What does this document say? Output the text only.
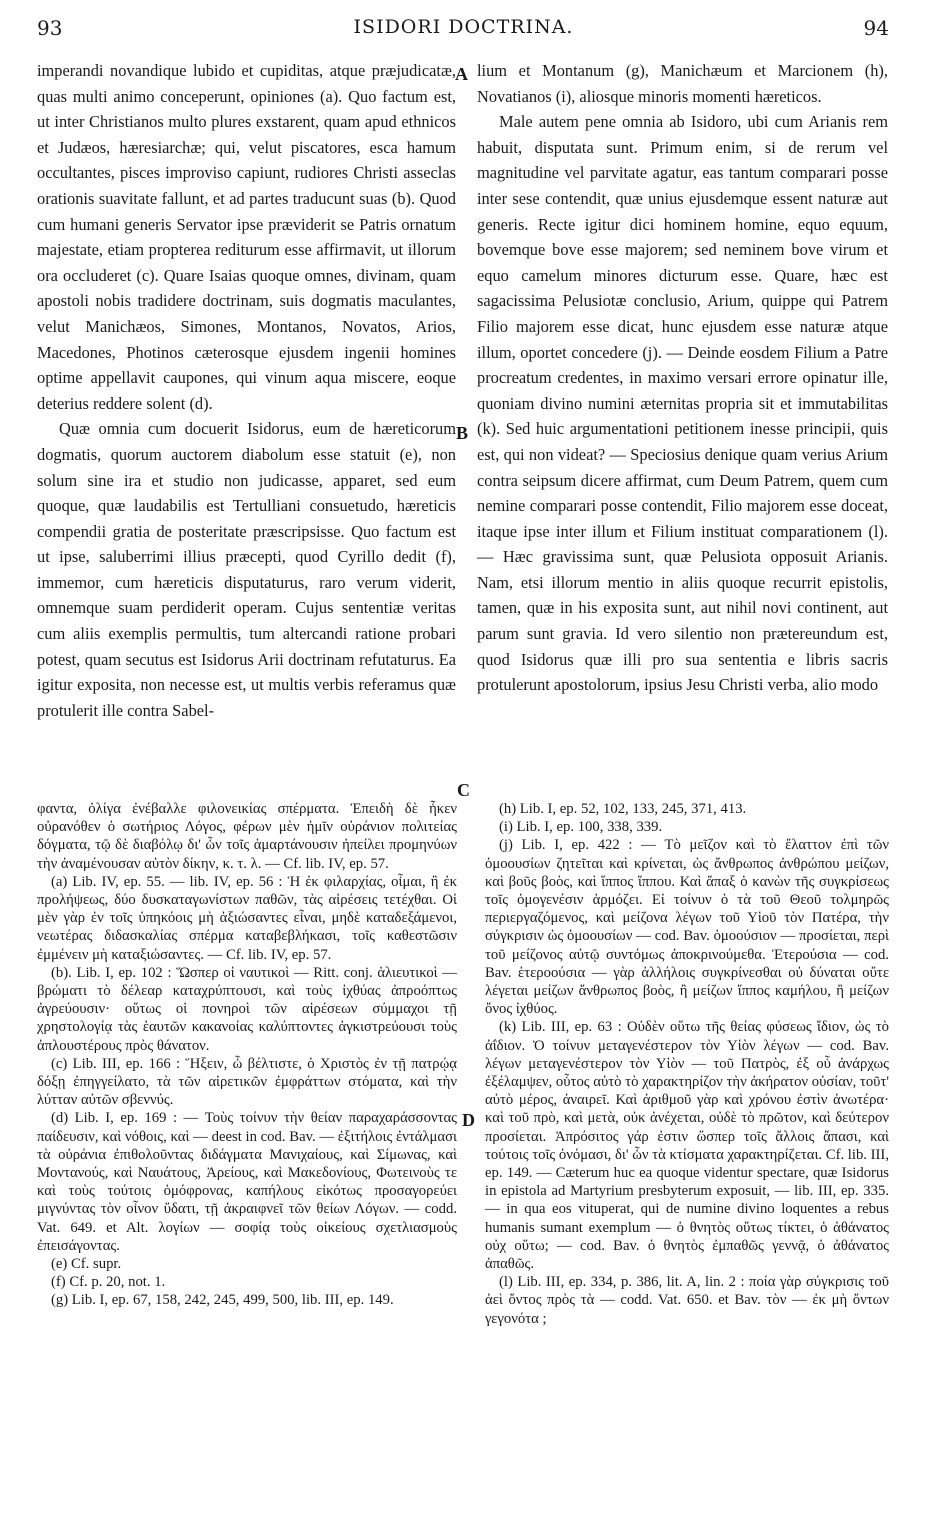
93	ISIDORI DOCTRINA.	94

imperandi novandique lubido et cupiditas, atque præjudicatæ, quas multi animo conceperunt, opiniones (a). Quo factum est, ut inter Christianos multo plures exstarent, quam apud ethnicos et Judæos, hæresiarchæ; qui, velut piscatores, esca hamum occultantes, pisces improviso capiunt, rudiores Christi asseclas orationis suavitate fallunt, et ad partes traducunt suas (b). Quod cum humani generis Servator ipse præviderit se Patris ornatum majestate, etiam propterea rediturum esse affirmavit, ut illorum ora occluderet (c). Quare Isaias quoque omnes, divinam, quam apostoli nobis tradidere doctrinam, suis dogmatis maculantes, velut Manichæos, Simones, Montanos, Novatos, Arios, Macedones, Photinos cæterosque ejusdem ingenii homines optime appellavit caupones, qui vinum aqua miscere, eoque deterius reddere solent (d).

Quæ omnia cum docuerit Isidorus, eum de hæreticorum dogmatis, quorum auctorem diabolum esse statuit (e), non solum sine ira et studio non judicasse, apparet, sed eum quoque, quæ laudabilis est Tertulliani consuetudo, hæreticis compendii gratia de posteritate præscripsisse. Quo factum est ut ipse, saluberrimi illius præcepti, quod Cyrillo dedit (f), immemor, cum hæreticis disputaturus, raro verum viderit, omnemque suam perdiderit operam. Cujus sententiæ veritas cum aliis exemplis permultis, tum altercandi ratione probari potest, quam secutus est Isidorus Arii doctrinam refutaturus. Ea igitur exposita, non necesse est, ut multis verbis referamus quæ protulerit ille contra Sabel-

lium et Montanum (g), Manichæum et Marcionem (h), Novatianos (i), aliosque minoris momenti hæreticos.

Male autem pene omnia ab Isidoro, ubi cum Arianis rem habuit, disputata sunt. Primum enim, si de rerum vel magnitudine vel parvitate agatur, eas tantum comparari posse inter sese contendit, quæ unius ejusdemque essent naturæ aut generis. Recte igitur dici hominem homine, equo equum, bovemque bove esse majorem; sed neminem bove virum et equo camelum minores dicturum esse. Quare, hæc est sagacissima Pelusiotæ conclusio, Arium, quippe qui Patrem Filio majorem esse dicat, hunc ejusdem esse naturæ atque illum, oportet concedere (j). — Deinde eosdem Filium a Patre procreatum credentes, in maximo versari errore opinatur ille, quoniam divino numini æternitas propria sit et immutabilitas (k). Sed huic argumentationi petitionem inesse principii, quis est, qui non videat? — Speciosius denique quam verius Arium contra seipsum dicere affirmat, cum Deum Patrem, quem cum nemine comparari posse contendit, Filio majorem esse doceat, itaque ipse inter illum et Filium instituat comparationem (l). — Hæc gravissima sunt, quæ Pelusiota opposuit Arianis. Nam, etsi illorum mentio in aliis quoque recurrit epistolis, tamen, quæ in his exposita sunt, aut nihil novi continent, aut parum sunt gravia. Id vero silentio non prætereundum est, quod Isidorus quæ illi pro sua sententia e libris sacris protulerunt apostolorum, ipsius Jesu Christi verba, alio modo

A
B
C
D

φαντα, ὀλίγα ἐνέβαλλε φιλονεικίας σπέρματα. Ἐπειδὴ δὲ ἧκεν οὐρανόθεν ὁ σωτήριος Λόγος, φέρων μὲν ἡμῖν οὐράνιον πολιτείας δόγματα, τῷ δὲ διαβόλῳ δι' ὧν τοῖς ἁμαρτάνουσιν ἠπείλει προμηνύων τὴν ἀναμένουσαν αὐτὸν δίκην, κ. τ. λ. — Cf. lib. IV, ep. 57.

(a) Lib. IV, ep. 55. — lib. IV, ep. 56 : Ἡ ἐκ φιλαρχίας, οἶμαι, ἢ ἐκ προλήψεως, δύο δυσκαταγωνίστων παθῶν, τὰς αἱρέσεις τετέχθαι. Οἱ μὲν γὰρ ἐν τοῖς ὑπηκόοις μὴ ἀξιώσαντες εἶναι, μηδὲ καταδεξάμενοι, νεωτέρας διδασκαλίας σπέρμα καταβεβλήκασι, τοῖς καθεστῶσιν ἐμμένειν μὴ καταξιώσαντες. — Cf. lib. IV, ep. 57.

(b). Lib. I, ep. 102 : Ὥσπερ οἱ ναυτικοὶ — Ritt. conj. ἁλιευτικοὶ — βρώματι τὸ δέλεαρ καταχρύπτουσι, καὶ τοὺς ἰχθύας ἀπροόπτως ἀγρεύουσιν· οὕτως οἱ πονηροὶ τῶν αἱρέσεων σύμμαχοι τῇ χρηστολογίᾳ τὰς ἑαυτῶν κακανοίας καλύπτοντες ἀγκιστρεύουσι τοὺς ἁπλουστέρους πρὸς θάνατον.

(c) Lib. III, ep. 166 : Ἥξειν, ὦ βέλτιστε, ὁ Χριστὸς ἐν τῇ πατρῴᾳ δόξῃ ἐπηγγείλατο, τὰ τῶν αἱρετικῶν ἐμφράττων στόματα, καὶ τὴν λύτταν αὐτῶν σβεννύς.

(d) Lib. I, ep. 169 : — Τοὺς τοίνυν τὴν θείαν παραχαράσσοντας παίδευσιν, καὶ νόθοις, καὶ — deest in cod. Bav. — ἐξιτήλοις ἐντάλμασι τὰ οὐράνια ἐπιθολοῦντας διδάγματα Μανιχαίους, καὶ Σίμωνας, καὶ Μοντανούς, καὶ Ναυάτους, Ἀρείους, καὶ Μακεδονίους, Φωτεινοὺς τε καὶ τοὺς τούτοις ὁμόφρονας, καπήλους εἰκότως προσαγορεύει μιγνύντας τὸν οἶνον ὕδατι, τῇ ἀκραιφνεῖ τῶν θείων Λόγων. — codd. Vat. 649. et Alt. λογίων — σοφίᾳ τοὺς οἰκείους σχετλιασμοὺς ἐπεισάγοντας.

(e) Cf. supr.

(f) Cf. p. 20, not. 1.

(g) Lib. I, ep. 67, 158, 242, 245, 499, 500, lib. III, ep. 149.

(h) Lib. I, ep. 52, 102, 133, 245, 371, 413.

(i) Lib. I, ep. 100, 338, 339.

(j) Lib. I, ep. 422 : — Τὸ μεῖζον καὶ τὸ ἔλαττον ἐπὶ τῶν ὁμοουσίων ζητεῖται καὶ κρίνεται, ὡς ἄνθρωπος ἀνθρώπου μείζων, καὶ βοῦς βοὸς, καὶ ἵππος ἵππου. Καὶ ἅπαξ ὁ κανὼν τῆς συγκρίσεως τοῖς ὁμογενέσιν ἁρμόζει. Εἰ τοίνυν ὁ τὰ τοῦ Θεοῦ τολμηρῶς περιεργαζόμενος, καὶ μείζονα λέγων τοῦ Υἱοῦ τὸν Πατέρα, τὴν σύγκρισιν ὡς ὁμοουσίων — cod. Bav. ὁμοούσιον — προσίεται, περὶ τοῦ μείζονος αὐτῷ συντόμως ἀποκρινούμεθα. Ἑτερούσια — cod. Bav. ἑτεροούσια — γὰρ ἀλλήλοις συγκρίνεσθαι οὐ δύναται οὔτε λέγεται μείζων ἄνθρωπος βοὸς, ἢ μείζων ἵππος καμήλου, ἢ μείζων ὄνος ἰχθύος.

(k) Lib. III, ep. 63 : Οὐδὲν οὕτω τῆς θείας φύσεως ἴδιον, ὡς τὸ ἀΐδιον. Ὁ τοίνυν μεταγενέστερον τὸν Υἱὸν λέγων — cod. Bav. λέγων μεταγενέστερον τὸν Υἱὸν — τοῦ Πατρὸς, ἐξ οὗ ἀνάρχως ἐξέλαμψεν, οὗτος αὐτὸ τὸ χαρακτηρίζον τὴν ἀκήρατον οὐσίαν, τοῦτ' αὐτὸ μέρος, ἀναιρεῖ. Καὶ ἀριθμοῦ γὰρ καὶ χρόνου ἐστὶν ἀνωτέρα· καὶ τοῦ πρὸ, καὶ μετὰ, οὐκ ἀνέχεται, οὐδὲ τὸ πρῶτον, καὶ δεύτερον προσίεται. Ἀπρόσιτος γάρ ἐστιν ὥσπερ τοῖς ἄλλοις ἅπασι, καὶ τούτοις τοῖς ὀνόμασι, δι' ὧν τὰ κτίσματα χαρακτηρίζεται. Cf. lib. III, ep. 149. — Cæterum huc ea quoque videntur spectare, quæ Isidorus in epistola ad Martyrium presbyterum exposuit, — lib. III, ep. 335. — in qua eos vituperat, qui de numine divino loquentes a rebus humanis sumant exemplum — ὁ θνητὸς οὕτως τίκτει, ὁ ἀθάνατος οὐχ οὕτω; — cod. Bav. ὁ θνητὸς ἐμπαθῶς γεννᾷ, ὁ ἀθάνατος ἀπαθῶς.

(l) Lib. III, ep. 334, p. 386, lit. A, lin. 2 : ποία γὰρ σύγκρισις τοῦ ἀεὶ ὄντος πρὸς τὰ — codd. Vat. 650. et Bav. τὸν — ἐκ μὴ ὄντων γεγονότα ;
